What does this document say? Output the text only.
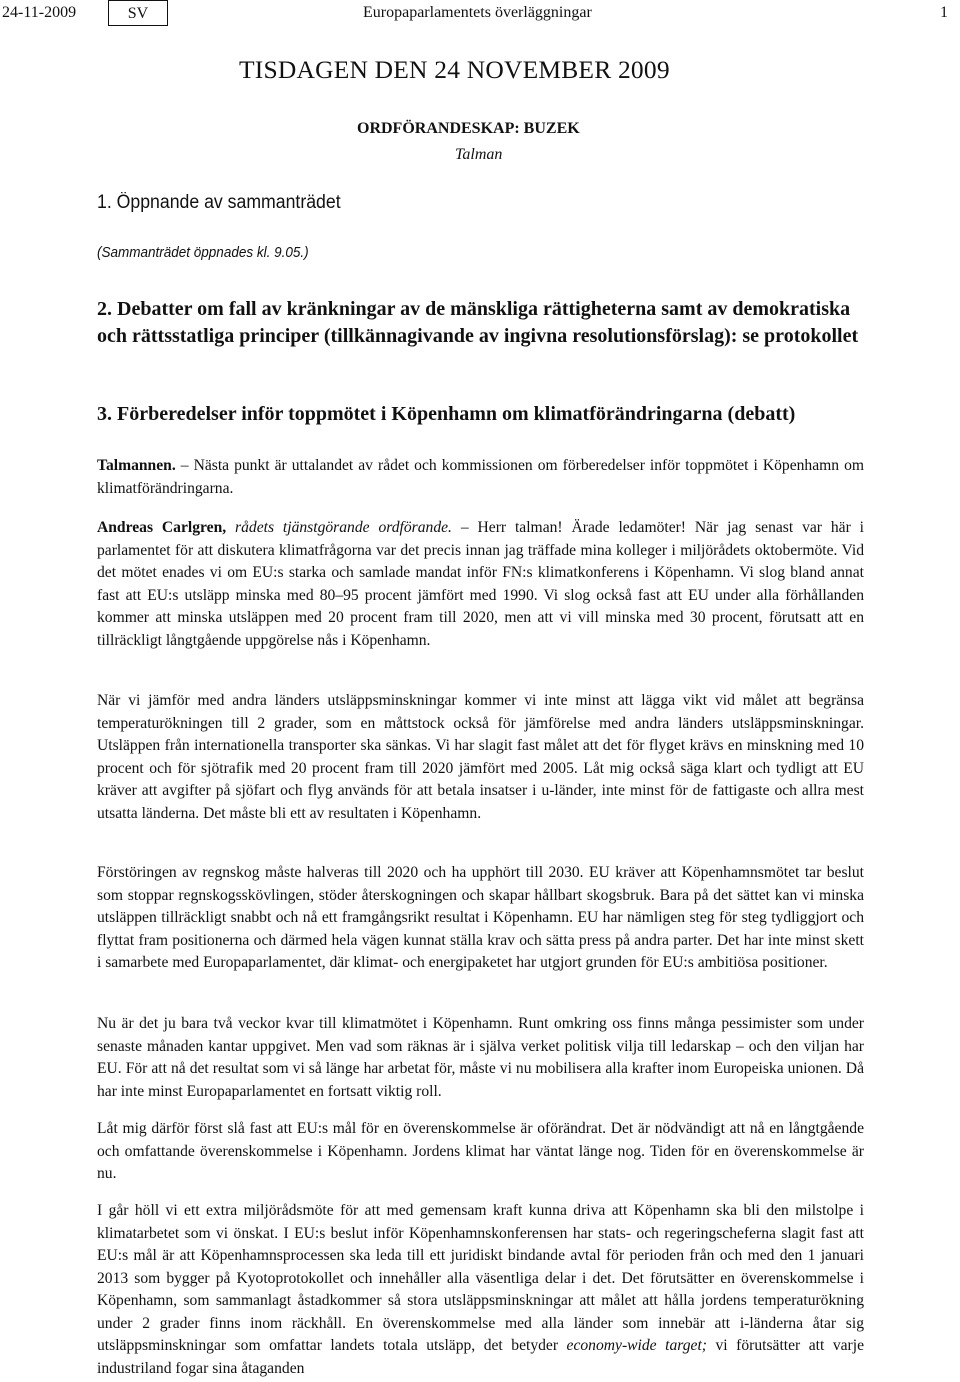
24-11-2009	SV	Europaparlamentets överläggningar	1
TISDAGEN DEN 24 NOVEMBER 2009
ORDFÖRANDESKAP: BUZEK
Talman
1. Öppnande av sammanträdet
(Sammanträdet öppnades kl. 9.05.)
2. Debatter om fall av kränkningar av de mänskliga rättigheterna samt av demokratiska och rättsstatliga principer (tillkännagivande av ingivna resolutionsförslag): se protokollet
3. Förberedelser inför toppmötet i Köpenhamn om klimatförändringarna (debatt)
Talmannen. – Nästa punkt är uttalandet av rådet och kommissionen om förberedelser inför toppmötet i Köpenhamn om klimatförändringarna.
Andreas Carlgren, rådets tjänstgörande ordförande. – Herr talman! Ärade ledamöter! När jag senast var här i parlamentet för att diskutera klimatfrågorna var det precis innan jag träffade mina kolleger i miljörådets oktobermöte. Vid det mötet enades vi om EU:s starka och samlade mandat inför FN:s klimatkonferens i Köpenhamn. Vi slog bland annat fast att EU:s utsläpp minska med 80–95 procent jämfört med 1990. Vi slog också fast att EU under alla förhållanden kommer att minska utsläppen med 20 procent fram till 2020, men att vi vill minska med 30 procent, förutsatt att en tillräckligt långtgående uppgörelse nås i Köpenhamn.
När vi jämför med andra länders utsläppsminskningar kommer vi inte minst att lägga vikt vid målet att begränsa temperaturökningen till 2 grader, som en måttstock också för jämförelse med andra länders utsläppsminskningar. Utsläppen från internationella transporter ska sänkas. Vi har slagit fast målet att det för flyget krävs en minskning med 10 procent och för sjötrafik med 20 procent fram till 2020 jämfört med 2005. Låt mig också säga klart och tydligt att EU kräver att avgifter på sjöfart och flyg används för att betala insatser i u-länder, inte minst för de fattigaste och allra mest utsatta länderna. Det måste bli ett av resultaten i Köpenhamn.
Förstöringen av regnskog måste halveras till 2020 och ha upphört till 2030. EU kräver att Köpenhamnsmötet tar beslut som stoppar regnskogsskövlingen, stöder återskogningen och skapar hållbart skogsbruk. Bara på det sättet kan vi minska utsläppen tillräckligt snabbt och nå ett framgångsrikt resultat i Köpenhamn. EU har nämligen steg för steg tydliggjort och flyttat fram positionerna och därmed hela vägen kunnat ställa krav och sätta press på andra parter. Det har inte minst skett i samarbete med Europaparlamentet, där klimat- och energipaketet har utgjort grunden för EU:s ambitiösa positioner.
Nu är det ju bara två veckor kvar till klimatmötet i Köpenhamn. Runt omkring oss finns många pessimister som under senaste månaden kantar uppgivet. Men vad som räknas är i själva verket politisk vilja till ledarskap – och den viljan har EU. För att nå det resultat som vi så länge har arbetat för, måste vi nu mobilisera alla krafter inom Europeiska unionen. Då har inte minst Europaparlamentet en fortsatt viktig roll.
Låt mig därför först slå fast att EU:s mål för en överenskommelse är oförändrat. Det är nödvändigt att nå en långtgående och omfattande överenskommelse i Köpenhamn. Jordens klimat har väntat länge nog. Tiden för en överenskommelse är nu.
I går höll vi ett extra miljörådsmöte för att med gemensam kraft kunna driva att Köpenhamn ska bli den milstolpe i klimatarbetet som vi önskat. I EU:s beslut inför Köpenhamnskonferensen har stats- och regeringscheferna slagit fast att EU:s mål är att Köpenhamnsprocessen ska leda till ett juridiskt bindande avtal för perioden från och med den 1 januari 2013 som bygger på Kyotoprotokollet och innehåller alla väsentliga delar i det. Det förutsätter en överenskommelse i Köpenhamn, som sammanlagt åstadkommer så stora utsläppsminskningar att målet att hålla jordens temperaturökning under 2 grader finns inom räckhåll. En överenskommelse med alla länder som innebär att i-länderna åtar sig utsläppsminskningar som omfattar landets totala utsläpp, det betyder economy-wide target; vi förutsätter att varje industriland fogar sina åtaganden
